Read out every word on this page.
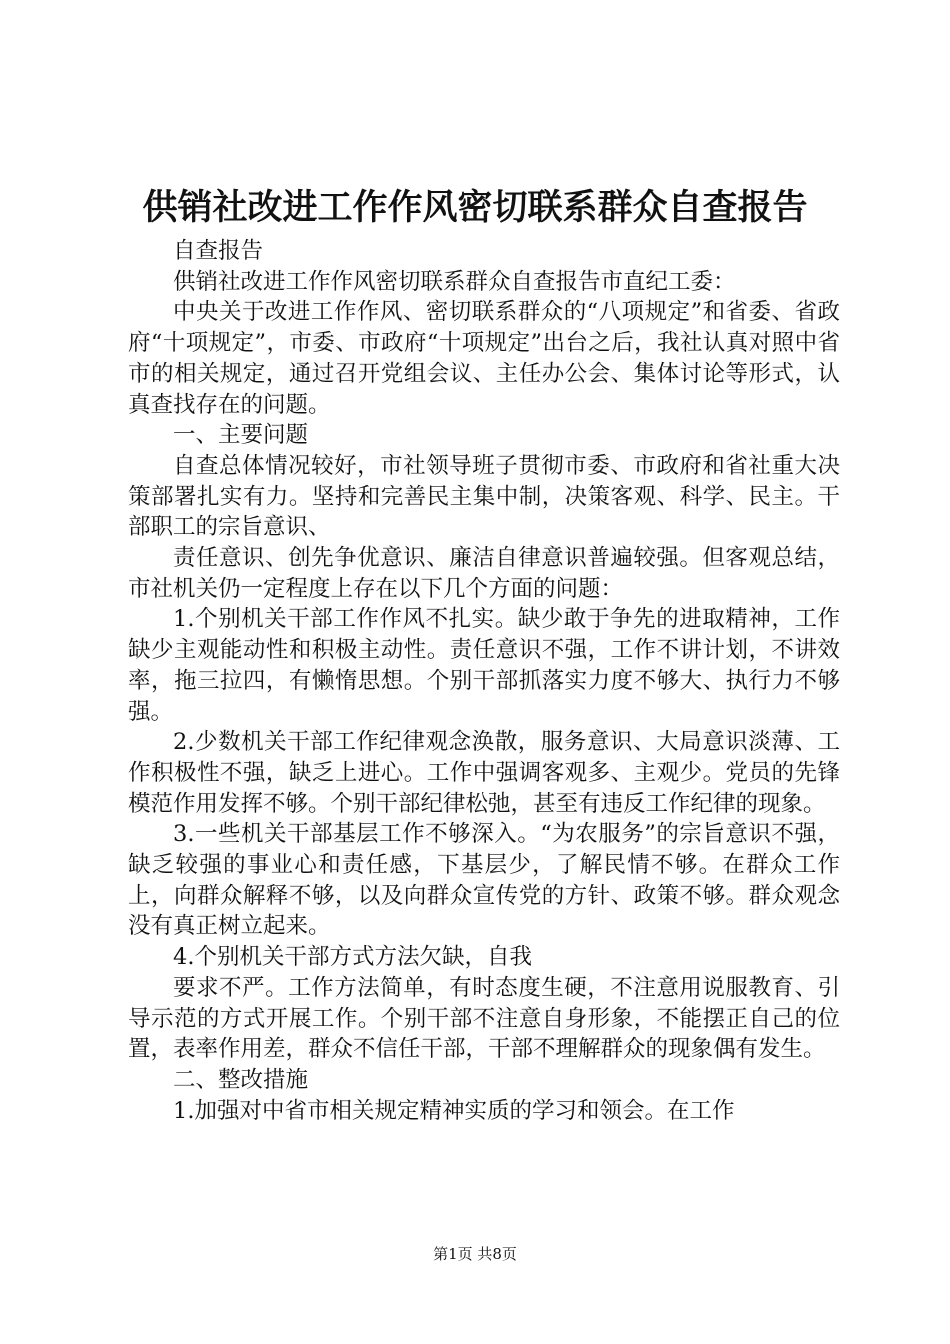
供销社改进工作作风密切联系群众自查报告

自查报告

供销社改进工作作风密切联系群众自查报告市直纪工委：

中央关于改进工作作风、密切联系群众的“八项规定”和省委、省政府“十项规定”，市委、市政府“十项规定”出台之后，我社认真对照中省市的相关规定，通过召开党组会议、主任办公会、集体讨论等形式，认真查找存在的问题。

一、主要问题

自查总体情况较好，市社领导班子贯彻市委、市政府和省社重大决策部署扎实有力。坚持和完善民主集中制，决策客观、科学、民主。干部职工的宗旨意识、

责任意识、创先争优意识、廉洁自律意识普遍较强。但客观总结，市社机关仍一定程度上存在以下几个方面的问题：

1.个别机关干部工作作风不扎实。缺少敢于争先的进取精神，工作缺少主观能动性和积极主动性。责任意识不强，工作不讲计划，不讲效率，拖三拉四，有懒惰思想。个别干部抓落实力度不够大、执行力不够强。

2.少数机关干部工作纪律观念涣散，服务意识、大局意识淡薄、工作积极性不强，缺乏上进心。工作中强调客观多、主观少。党员的先锋模范作用发挥不够。个别干部纪律松弛，甚至有违反工作纪律的现象。

3.一些机关干部基层工作不够深入。“为农服务”的宗旨意识不强，缺乏较强的事业心和责任感，下基层少，了解民情不够。在群众工作上，向群众解释不够，以及向群众宣传党的方针、政策不够。群众观念没有真正树立起来。

4.个别机关干部方式方法欠缺，自我

要求不严。工作方法简单，有时态度生硬，不注意用说服教育、引导示范的方式开展工作。个别干部不注意自身形象，不能摆正自己的位置，表率作用差，群众不信任干部，干部不理解群众的现象偶有发生。

二、整改措施

1.加强对中省市相关规定精神实质的学习和领会。在工作

第1页 共8页
